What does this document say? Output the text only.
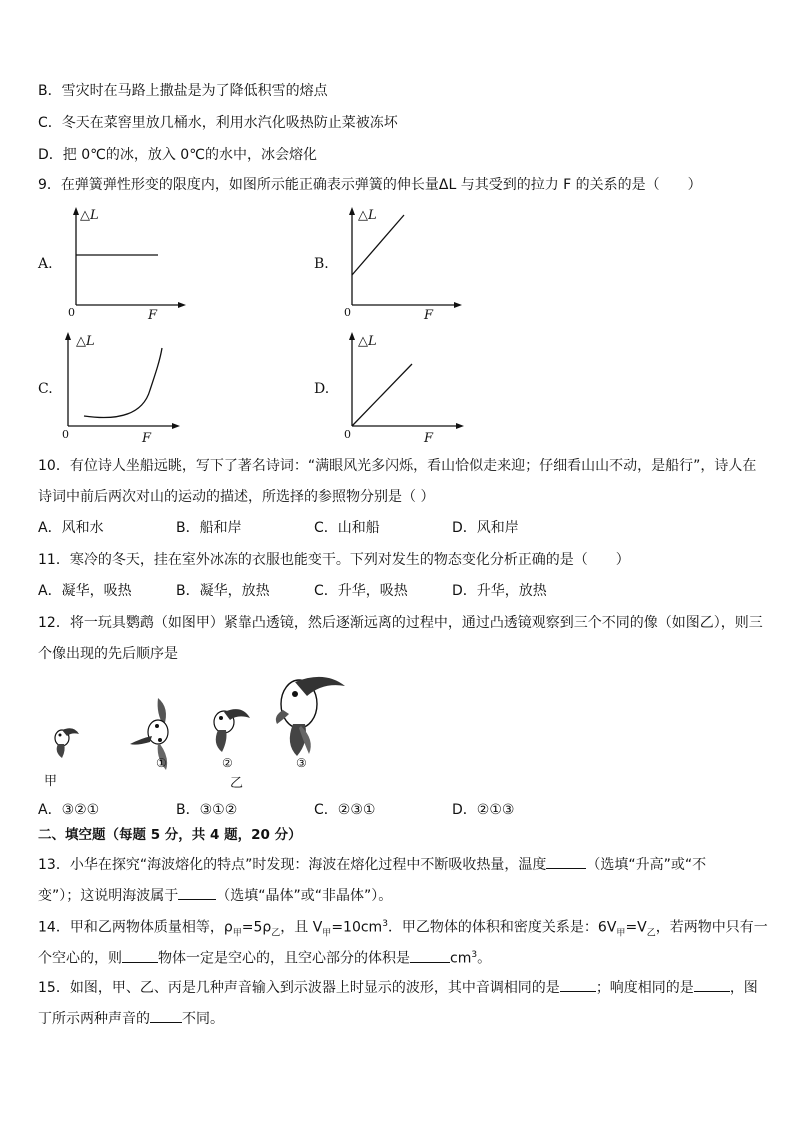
B．雪灾时在马路上撒盐是为了降低积雪的熔点
C．冬天在菜窖里放几桶水，利用水汽化吸热防止菜被冻坏
D．把 0℃的冰，放入 0℃的水中，冰会熔化
9．在弹簧弹性形变的限度内，如图所示能正确表示弹簧的伸长量ΔL 与其受到的拉力 F 的关系的是（　　）
A.
△L
0	F
B.
△L
0	F
C.
△L
0	F
D.
△L
0	F
10．有位诗人坐船远眺，写下了著名诗词：“满眼风光多闪烁，看山恰似走来迎；仔细看山山不动，是船行”，诗人在
诗词中前后两次对山的运动的描述，所选择的参照物分别是（ ）
A．风和水	B．船和岸	C．山和船	D．风和岸
11．寒冷的冬天，挂在室外冰冻的衣服也能变干。下列对发生的物态变化分析正确的是（　　）
A．凝华，吸热	B．凝华，放热	C．升华，吸热	D．升华，放热
12．将一玩具鹦鹉（如图甲）紧靠凸透镜，然后逐渐远离的过程中，通过凸透镜观察到三个不同的像（如图乙），则三
个像出现的先后顺序是
甲
①	②	③
乙
A．③②①	B．③①②	C．②③①	D．②①③
二、填空题（每题 5 分，共 4 题，20 分）
13．小华在探究“海波熔化的特点”时发现：海波在熔化过程中不断吸收热量，温度	（选填“升高”或“不
变”）；这说明海波属于	（选填“晶体”或“非晶体”）。
14．甲和乙两物体质量相等，$\rho_甲=5\rho_乙$，且 $V_甲=10cm^3$．甲乙物体的体积和密度关系是：$6V_甲=V_乙$，若两物中只有一
个空心的，则	物体一定是空心的，且空心部分的体积是	$cm^3$。
15．如图，甲、乙、丙是几种声音输入到示波器上时显示的波形，其中音调相同的是	；响度相同的是	，图
丁所示两种声音的 不同。
